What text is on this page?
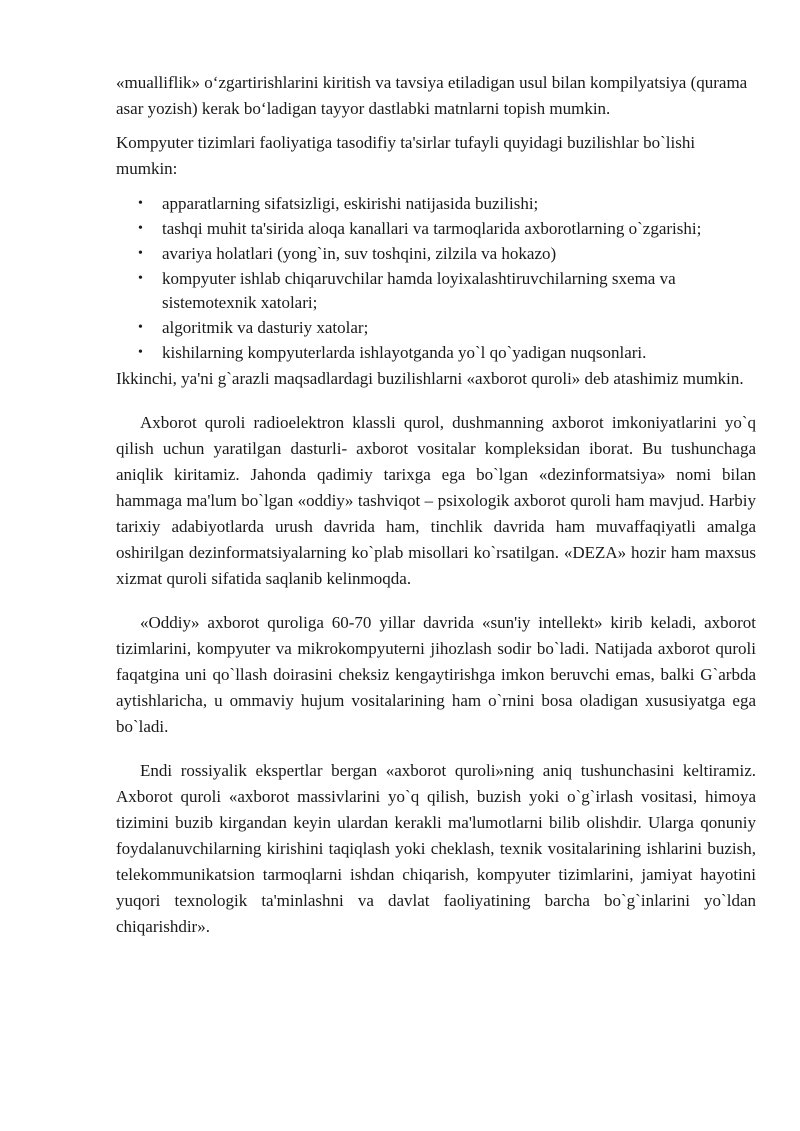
«mualliflik» o‘zgartirishlarini kiritish va tavsiya etiladigan usul bilan kompilyatsiya (qurama asar yozish) kerak bo‘ladigan tayyor dastlabki matnlarni topish mumkin.

Kompyuter tizimlari faoliyatiga tasodifiy ta'sirlar tufayli quyidagi buzilishlar bo`lishi mumkin:

• apparatlarning sifatsizligi, eskirishi natijasida buzilishi;
• tashqi muhit ta'sirida aloqa kanallari va tarmoqlarida axborotlarning o`zgarishi;
• avariya holatlari (yong`in, suv toshqini, zilzila va hokazo)
• kompyuter ishlab chiqaruvchilar hamda loyixalashtiruvchilarning sxema va sistemotexnik xatolari;
• algoritmik va dasturiy xatolar;
• kishilarning kompyuterlarda ishlayotganda yo`l qo`yadigan nuqsonlari.

Ikkinchi, ya'ni g`arazli maqsadlardagi buzilishlarni «axborot quroli» deb atashimiz mumkin.

Axborot quroli radioelektron klassli qurol, dushmanning axborot imkoniyatlarini yo`q qilish uchun yaratilgan dasturli- axborot vositalar kompleksidan iborat. Bu tushunchaga aniqlik kiritamiz. Jahonda qadimiy tarixga ega bo`lgan «dezinformatsiya» nomi bilan hammaga ma'lum bo`lgan «oddiy» tashviqot – psixologik axborot quroli ham mavjud. Harbiy tarixiy adabiyotlarda urush davrida ham, tinchlik davrida ham muvaffaqiyatli amalga oshirilgan dezinformatsiyalarning ko`plab misollari ko`rsatilgan. «DEZA» hozir ham maxsus xizmat quroli sifatida saqlanib kelinmoqda.

«Oddiy» axborot quroliga 60-70 yillar davrida «sun'iy intellekt» kirib keladi, axborot tizimlarini, kompyuter va mikrokompyuterni jihozlash sodir bo`ladi. Natijada axborot quroli faqatgina uni qo`llash doirasini cheksiz kengaytirishga imkon beruvchi emas, balki G`arbda aytishlaricha, u ommaviy hujum vositalarining ham o`rnini bosa oladigan xususiyatga ega bo`ladi.

Endi rossiyalik ekspertlar bergan «axborot quroli»ning aniq tushunchasini keltiramiz. Axborot quroli «axborot massivlarini yo`q qilish, buzish yoki o`g`irlash vositasi, himoya tizimini buzib kirgandan keyin ulardan kerakli ma'lumotlarni bilib olishdir. Ularga qonuniy foydalanuvchilarning kirishini taqiqlash yoki cheklash, texnik vositalarining ishlarini buzish, telekommunikatsion tarmoqlarni ishdan chiqarish, kompyuter tizimlarini, jamiyat hayotini yuqori texnologik ta'minlashni va davlat faoliyatining barcha bo`g`inlarini yo`ldan chiqarishdir».
